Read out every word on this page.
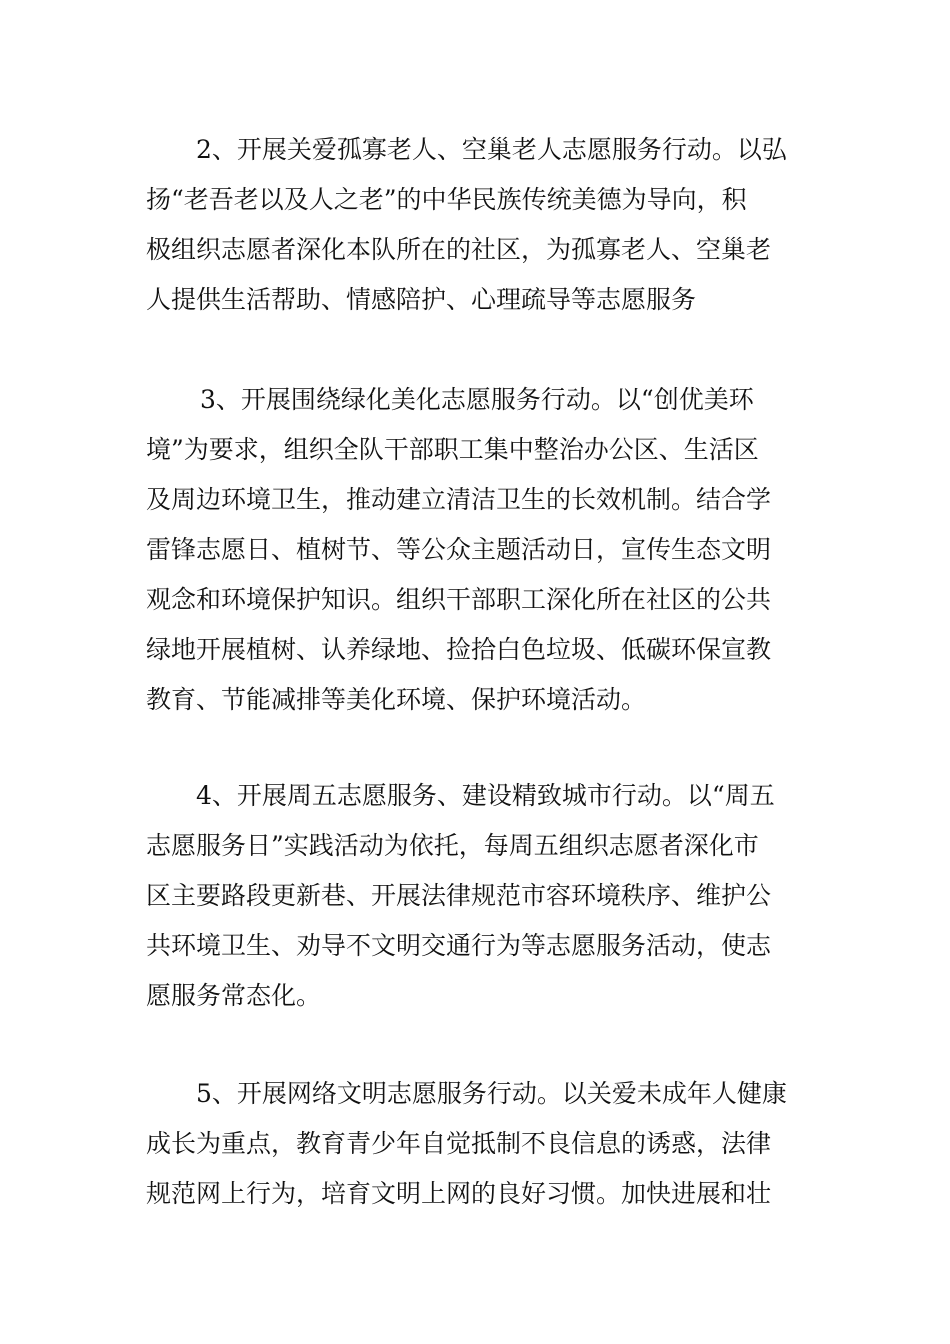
2、开展关爱孤寡老人、空巢老人志愿服务行动。以弘
扬“老吾老以及人之老”的中华民族传统美德为导向，积
极组织志愿者深化本队所在的社区，为孤寡老人、空巢老
人提供生活帮助、情感陪护、心理疏导等志愿服务
3、开展围绕绿化美化志愿服务行动。以“创优美环
境”为要求，组织全队干部职工集中整治办公区、生活区
及周边环境卫生，推动建立清洁卫生的长效机制。结合学
雷锋志愿日、植树节、等公众主题活动日，宣传生态文明
观念和环境保护知识。组织干部职工深化所在社区的公共
绿地开展植树、认养绿地、捡拾白色垃圾、低碳环保宣教
教育、节能减排等美化环境、保护环境活动。
4、开展周五志愿服务、建设精致城市行动。以“周五
志愿服务日”实践活动为依托，每周五组织志愿者深化市
区主要路段更新巷、开展法律规范市容环境秩序、维护公
共环境卫生、劝导不文明交通行为等志愿服务活动，使志
愿服务常态化。
5、开展网络文明志愿服务行动。以关爱未成年人健康
成长为重点，教育青少年自觉抵制不良信息的诱惑，法律
规范网上行为，培育文明上网的良好习惯。加快进展和壮
